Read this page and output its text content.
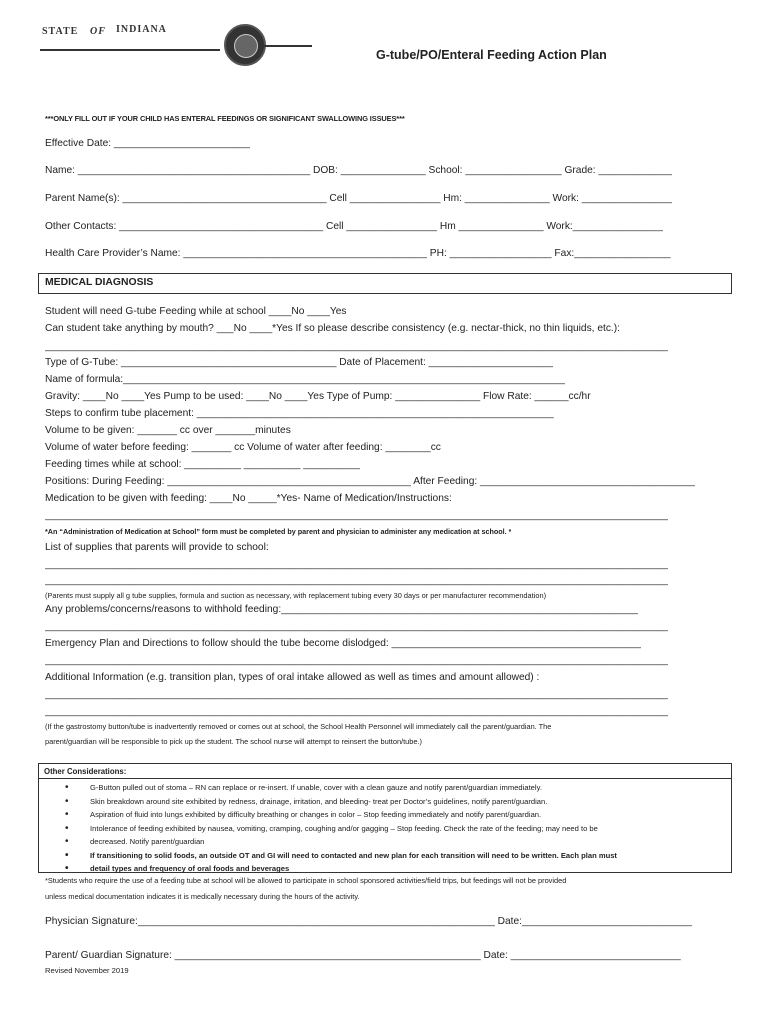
STATE OF INDIANA
G-tube/PO/Enteral Feeding Action Plan
***ONLY FILL OUT IF YOUR CHILD HAS ENTERAL FEEDINGS OR SIGNIFICANT SWALLOWING ISSUES***
Effective Date: ________________________
Name: _________________________________________ DOB: _______________ School: _________________ Grade: _____________
Parent Name(s): ____________________________________ Cell ________________ Hm: _______________ Work: ________________
Other Contacts: ____________________________________ Cell ________________ Hm _______________ Work:________________
Health Care Provider’s Name: ___________________________________________ PH: __________________ Fax:_________________
MEDICAL DIAGNOSIS
Student will need G-tube Feeding while at school ____No ____Yes
Can student take anything by mouth? ___No ____*Yes If so please describe consistency (e.g. nectar-thick, no thin liquids, etc.):
______________________________________________________________________________________________________________
Type of G-Tube: ______________________________________ Date of Placement: ______________________
Name of formula:______________________________________________________________________________
Gravity: ____No ____Yes Pump to be used: ____No ____Yes Type of Pump: _______________ Flow Rate: ______cc/hr
Steps to confirm tube placement: _______________________________________________________________
Volume to be given: _______ cc over _______minutes
Volume of water before feeding: _______ cc Volume of water after feeding: ________cc
Feeding times while at school: __________ __________ __________
Positions: During Feeding: ___________________________________________ After Feeding: ______________________________________
Medication to be given with feeding: ____No _____*Yes- Name of Medication/Instructions:
______________________________________________________________________________________________________________
*An “Administration of Medication at School” form must be completed by parent and physician to administer any medication at school. *
List of supplies that parents will provide to school:
______________________________________________________________________________________________________________
______________________________________________________________________________________________________________
(Parents must supply all g tube supplies, formula and suction as necessary, with replacement tubing every 30 days or per manufacturer recommendation)
Any problems/concerns/reasons to withhold feeding:_______________________________________________________________
______________________________________________________________________________________________________________
Emergency Plan and Directions to follow should the tube become dislodged: ____________________________________________
______________________________________________________________________________________________________________
Additional Information (e.g. transition plan, types of oral intake allowed as well as times and amount allowed) :
______________________________________________________________________________________________________________
______________________________________________________________________________________________________________
(If the gastrostomy button/tube is inadvertently removed or comes out at school, the School Health Personnel will immediately call the parent/guardian. The
parent/guardian will be responsible to pick up the student. The school nurse will attempt to reinsert the button/tube.)
Other Considerations:
• G-Button pulled out of stoma – RN can replace or re-insert. If unable, cover with a clean gauze and notify parent/guardian immediately.
• Skin breakdown around site exhibited by redness, drainage, irritation, and bleeding- treat per Doctor’s guidelines, notify parent/guardian.
• Aspiration of fluid into lungs exhibited by difficulty breathing or changes in color – Stop feeding immediately and notify parent/guardian.
• Intolerance of feeding exhibited by nausea, vomiting, cramping, coughing and/or gagging – Stop feeding. Check the rate of the feeding; may need to be
• decreased. Notify parent/guardian
• If transitioning to solid foods, an outside OT and GI will need to contacted and new plan for each transition will need to be written. Each plan must
• detail types and frequency of oral foods and beverages
*Students who require the use of a feeding tube at school will be allowed to participate in school sponsored activities/field trips, but feedings will not be provided
unless medical documentation indicates it is medically necessary during the hours of the activity.
Physician Signature:_______________________________________________________________ Date:______________________________
Parent/ Guardian Signature: ______________________________________________________ Date: ______________________________
Revised November 2019
